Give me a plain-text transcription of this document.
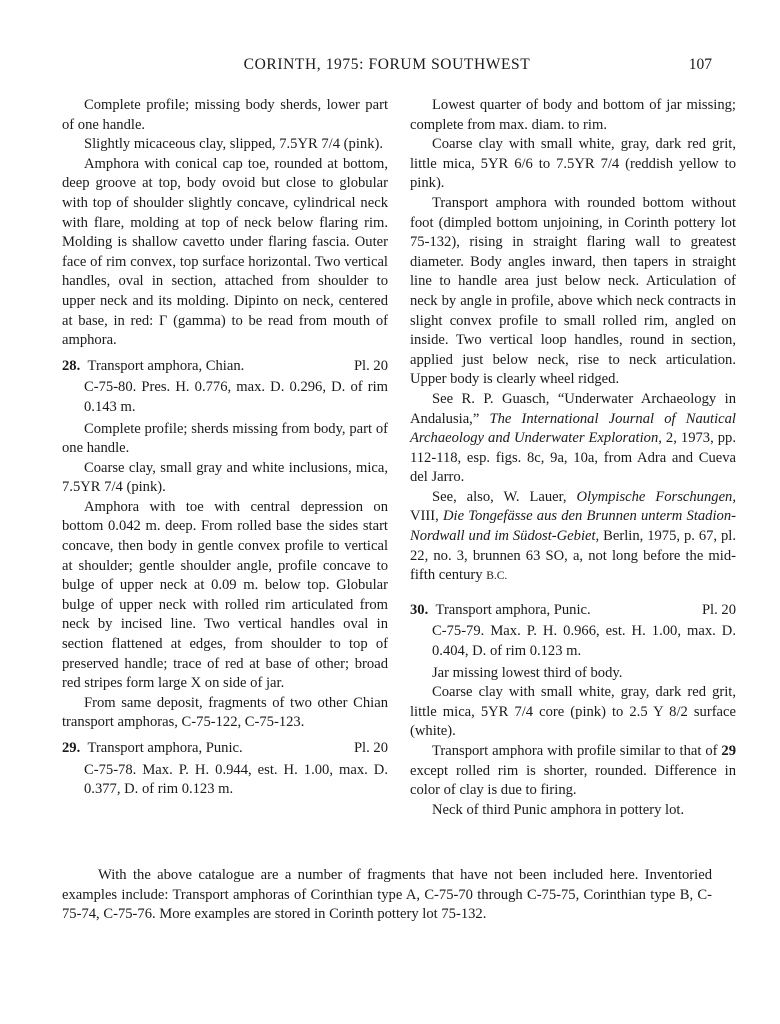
CORINTH, 1975: FORUM SOUTHWEST	107

Complete profile; missing body sherds, lower part of one handle.

Slightly micaceous clay, slipped, 7.5YR 7/4 (pink).

Amphora with conical cap toe, rounded at bottom, deep groove at top, body ovoid but close to globular with top of shoulder slightly concave, cylindrical neck with flare, molding at top of neck below flaring rim. Molding is shallow cavetto under flaring fascia. Outer face of rim convex, top surface horizontal. Two vertical handles, oval in section, attached from shoulder to upper neck and its molding. Dipinto on neck, centered at base, in red: Γ (gamma) to be read from mouth of amphora.

28. Transport amphora, Chian.	Pl. 20
C-75-80. Pres. H. 0.776, max. D. 0.296, D. of rim 0.143 m.

Complete profile; sherds missing from body, part of one handle.

Coarse clay, small gray and white inclusions, mica, 7.5YR 7/4 (pink).

Amphora with toe with central depression on bottom 0.042 m. deep. From rolled base the sides start concave, then body in gentle convex profile to vertical at shoulder; gentle shoulder angle, profile concave to bulge of upper neck at 0.09 m. below top. Globular bulge of upper neck with rolled rim articulated from neck by incised line. Two vertical handles oval in section flattened at edges, from shoulder to top of preserved handle; trace of red at base of other; broad red stripes form large X on side of jar.

From same deposit, fragments of two other Chian transport amphoras, C-75-122, C-75-123.

29. Transport amphora, Punic.	Pl. 20
C-75-78. Max. P. H. 0.944, est. H. 1.00, max. D. 0.377, D. of rim 0.123 m.

Lowest quarter of body and bottom of jar missing; complete from max. diam. to rim.

Coarse clay with small white, gray, dark red grit, little mica, 5YR 6/6 to 7.5YR 7/4 (reddish yellow to pink).

Transport amphora with rounded bottom without foot (dimpled bottom unjoining, in Corinth pottery lot 75-132), rising in straight flaring wall to greatest diameter. Body angles inward, then tapers in straight line to handle area just below neck. Articulation of neck by angle in profile, above which neck contracts in slight convex profile to small rolled rim, angled on inside. Two vertical loop handles, round in section, applied just below neck, rise to neck articulation. Upper body is clearly wheel ridged.

See R. P. Guasch, “Underwater Archaeology in Andalusia,” The International Journal of Nautical Archaeology and Underwater Exploration, 2, 1973, pp. 112-118, esp. figs. 8c, 9a, 10a, from Adra and Cueva del Jarro.

See, also, W. Lauer, Olympische Forschungen, VIII, Die Tongefässe aus den Brunnen unterm Stadion-Nordwall und im Südost-Gebiet, Berlin, 1975, p. 67, pl. 22, no. 3, brunnen 63 SO, a, not long before the mid-fifth century B.C.

30. Transport amphora, Punic.	Pl. 20
C-75-79. Max. P. H. 0.966, est. H. 1.00, max. D. 0.404, D. of rim 0.123 m.

Jar missing lowest third of body.

Coarse clay with small white, gray, dark red grit, little mica, 5YR 7/4 core (pink) to 2.5 Y 8/2 surface (white).

Transport amphora with profile similar to that of 29 except rolled rim is shorter, rounded. Difference in color of clay is due to firing.

Neck of third Punic amphora in pottery lot.

With the above catalogue are a number of fragments that have not been included here. Inventoried examples include: Transport amphoras of Corinthian type A, C-75-70 through C-75-75, Corinthian type B, C-75-74, C-75-76. More examples are stored in Corinth pottery lot 75-132.
